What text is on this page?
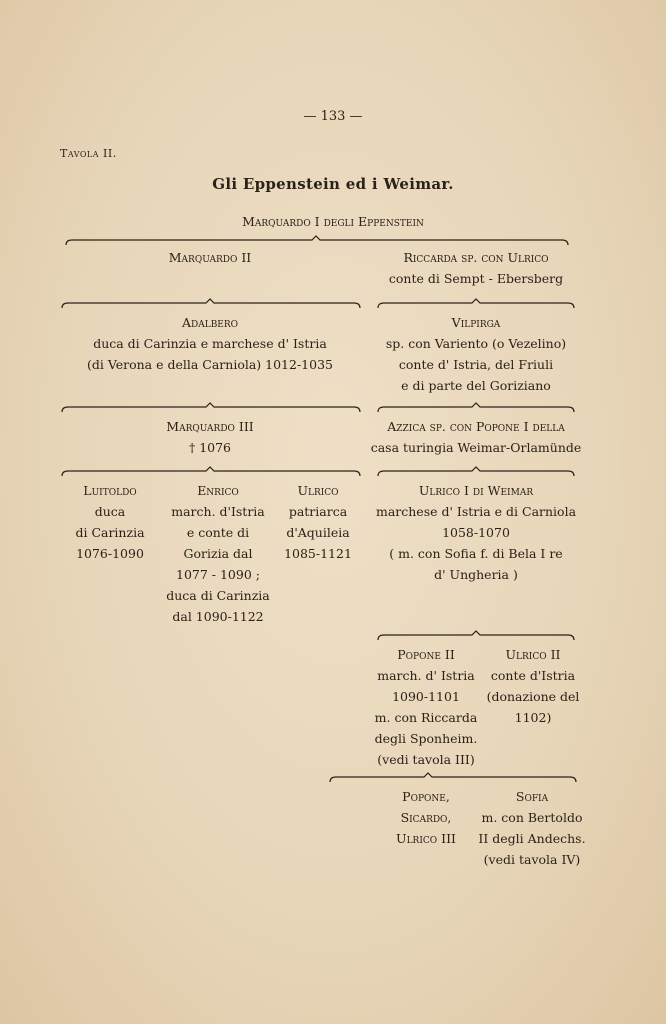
— 133 —
Tavola II.
Gli Eppenstein ed i Weimar.
Marquardo I degli Eppenstein
Marquardo II	Riccarda sp. con Ulrico
conte di Sempt - Ebersberg
Adalbero
duca di Carinzia e marchese d' Istria
(di Verona e della Carniola) 1012-1035
Vilpirga
sp. con Variento (o Vezelino)
conte d' Istria, del Friuli
e di parte del Goriziano
Marquardo III
† 1076
Azzica sp. con Popone I della
casa turingia Weimar-Orlamünde
Luitoldo
duca
di Carinzia
1076-1090
Enrico
march. d'Istria
e conte di
Gorizia dal
1077 - 1090 ;
duca di Carinzia
dal 1090-1122
Ulrico
patriarca
d'Aquileia
1085-1121
Ulrico I di Weimar
marchese d' Istria e di Carniola
1058-1070
( m. con Sofia f. di Bela I re
d' Ungheria )
Popone II
march. d' Istria
1090-1101
m. con Riccarda
degli Sponheim.
(vedi tavola III)
Ulrico II
conte d'Istria
(donazione del
1102)
Popone,
Sicardo,
Ulrico III
Sofia
m. con Bertoldo
II degli Andechs.
(vedi tavola IV)
